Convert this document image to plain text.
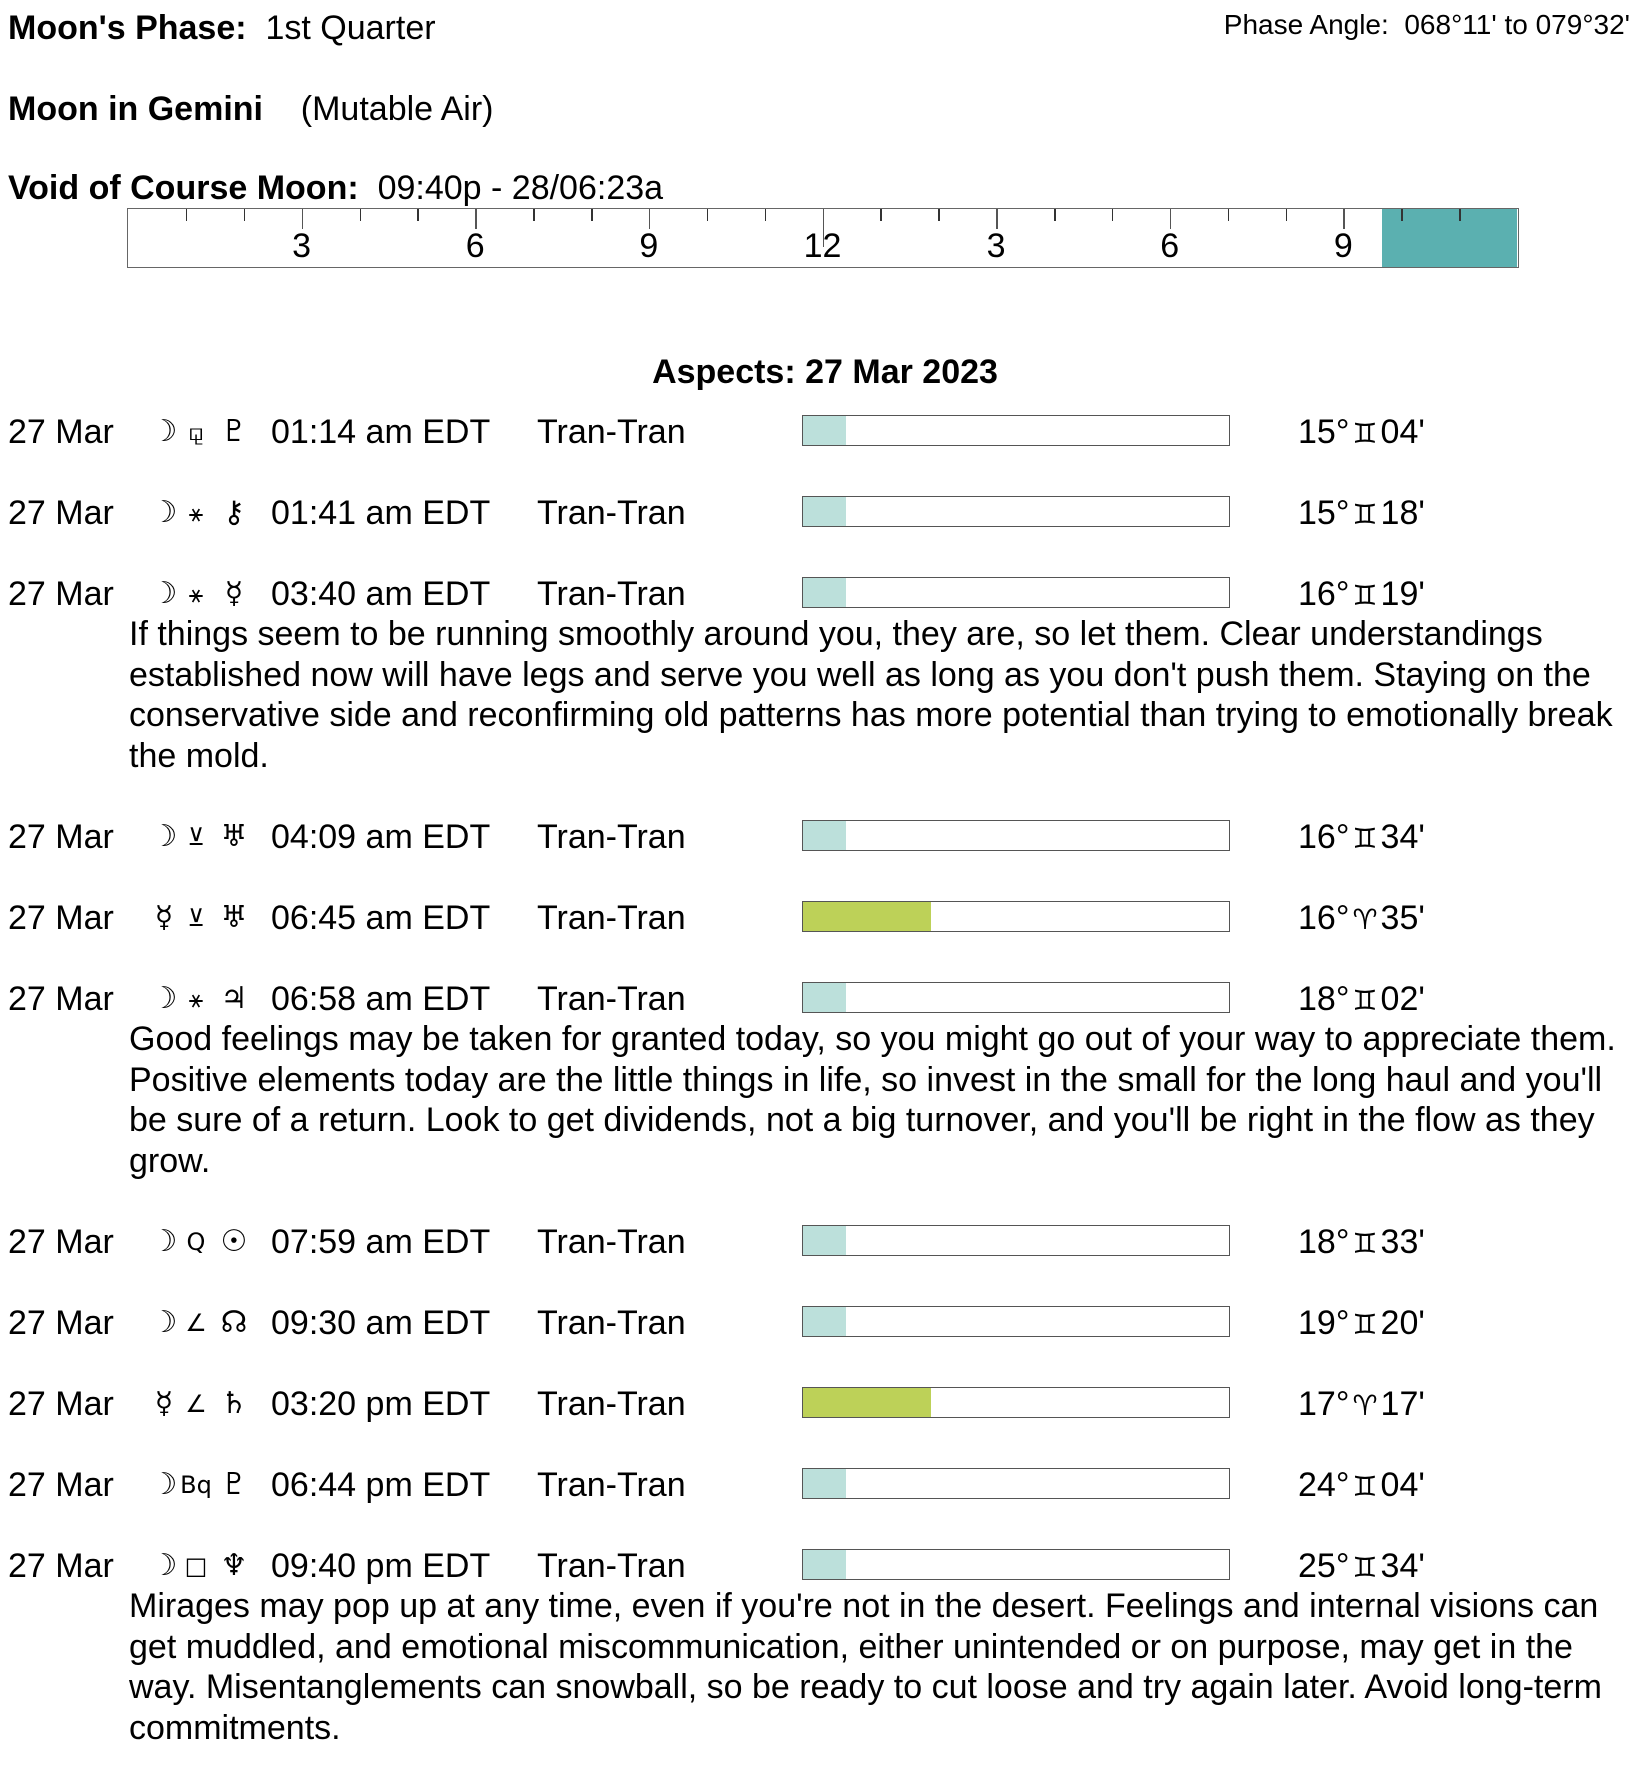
Moon's Phase: 1st Quarter	Phase Angle: 068°11' to 079°32'
Moon in Gemini (Mutable Air)
Void of Course Moon: 09:40p - 28/06:23a
3	6	9	12	3	6	9
Aspects: 27 Mar 2023
27 Mar ☽ ⚼ ♇ 01:14 am EDT Tran-Tran	15° ♊04'
27 Mar ☽ ⚹ ⚷ 01:41 am EDT Tran-Tran	15° ♊18'
27 Mar ☽ ⚹ ☿ 03:40 am EDT Tran-Tran	16° ♊19'
If things seem to be running smoothly around you, they are, so let them. Clear understandings established now will have legs and serve you well as long as you don't push them. Staying on the conservative side and reconfirming old patterns has more potential than trying to emotionally break the mold.
27 Mar ☽ ⊻ ♅ 04:09 am EDT Tran-Tran	16° ♊34'
27 Mar ☿ ⊻ ♅ 06:45 am EDT Tran-Tran	16° ♈35'
27 Mar ☽ ⚹ ♃ 06:58 am EDT Tran-Tran	18° ♊02'
Good feelings may be taken for granted today, so you might go out of your way to appreciate them. Positive elements today are the little things in life, so invest in the small for the long haul and you'll be sure of a return. Look to get dividends, not a big turnover, and you'll be right in the flow as they grow.
27 Mar ☽ Q ☉ 07:59 am EDT Tran-Tran	18° ♊33'
27 Mar ☽ ∠ ☊ 09:30 am EDT Tran-Tran	19° ♊20'
27 Mar ☿ ∠ ♄ 03:20 pm EDT Tran-Tran	17° ♈17'
27 Mar ☽ Bq ♇ 06:44 pm EDT Tran-Tran	24° ♊04'
27 Mar ☽ □ ♆ 09:40 pm EDT Tran-Tran	25° ♊34'
Mirages may pop up at any time, even if you're not in the desert. Feelings and internal visions can get muddled, and emotional miscommunication, either unintended or on purpose, may get in the way. Misentanglements can snowball, so be ready to cut loose and try again later. Avoid long-term commitments.
